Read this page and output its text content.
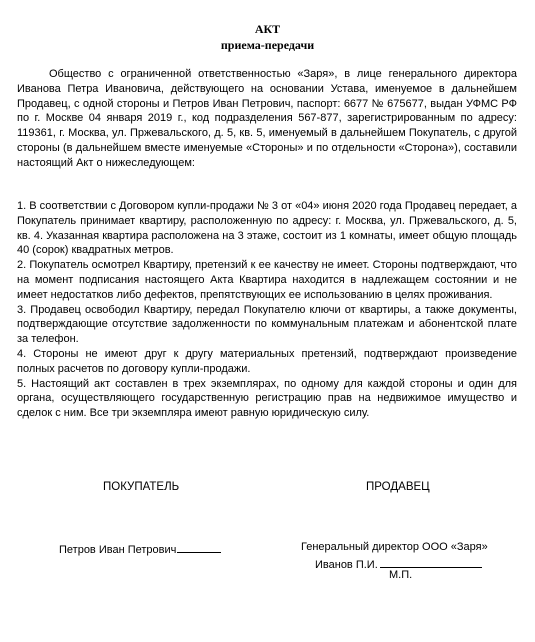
АКТ
приема-передачи

Общество с ограниченной ответственностью «Заря», в лице генерального директора Иванова Петра Ивановича, действующего на основании Устава, именуемое в дальнейшем Продавец, с одной стороны и Петров Иван Петрович, паспорт: 6677 № 675677, выдан УФМС РФ по г. Москве 04 января 2019 г., код подразделения 567-877, зарегистрированным по адресу: 119361, г. Москва, ул. Пржевальского, д. 5, кв. 5, именуемый в дальнейшем Покупатель, с другой стороны (в дальнейшем вместе именуемые «Стороны» и по отдельности «Сторона»), составили настоящий Акт о нижеследующем:

1. В соответствии с Договором купли-продажи № 3 от «04» июня 2020 года Продавец передает, а Покупатель принимает квартиру, расположенную по адресу: г. Москва, ул. Пржевальского, д. 5, кв. 4. Указанная квартира расположена на 3 этаже, состоит из 1 комнаты, имеет общую площадь 40 (сорок) квадратных метров.

2. Покупатель осмотрел Квартиру, претензий к ее качеству не имеет. Стороны подтверждают, что на момент подписания настоящего Акта Квартира находится в надлежащем состоянии и не имеет недостатков либо дефектов, препятствующих ее использованию в целях проживания.

3. Продавец освободил Квартиру, передал Покупателю ключи от квартиры, а также документы, подтверждающие отсутствие задолженности по коммунальным платежам и абонентской плате за телефон.

4. Стороны не имеют друг к другу материальных претензий, подтверждают произведение полных расчетов по договору купли-продажи.

5. Настоящий акт составлен в трех экземплярах, по одному для каждой стороны и один для органа, осуществляющего государственную регистрацию прав на недвижимое имущество и сделок с ним. Все три экземпляра имеют равную юридическую силу.

ПОКУПАТЕЛЬ	ПРОДАВЕЦ
Петров Иван Петрович	Генеральный директор ООО «Заря»
Иванов П.И.
М.П.
